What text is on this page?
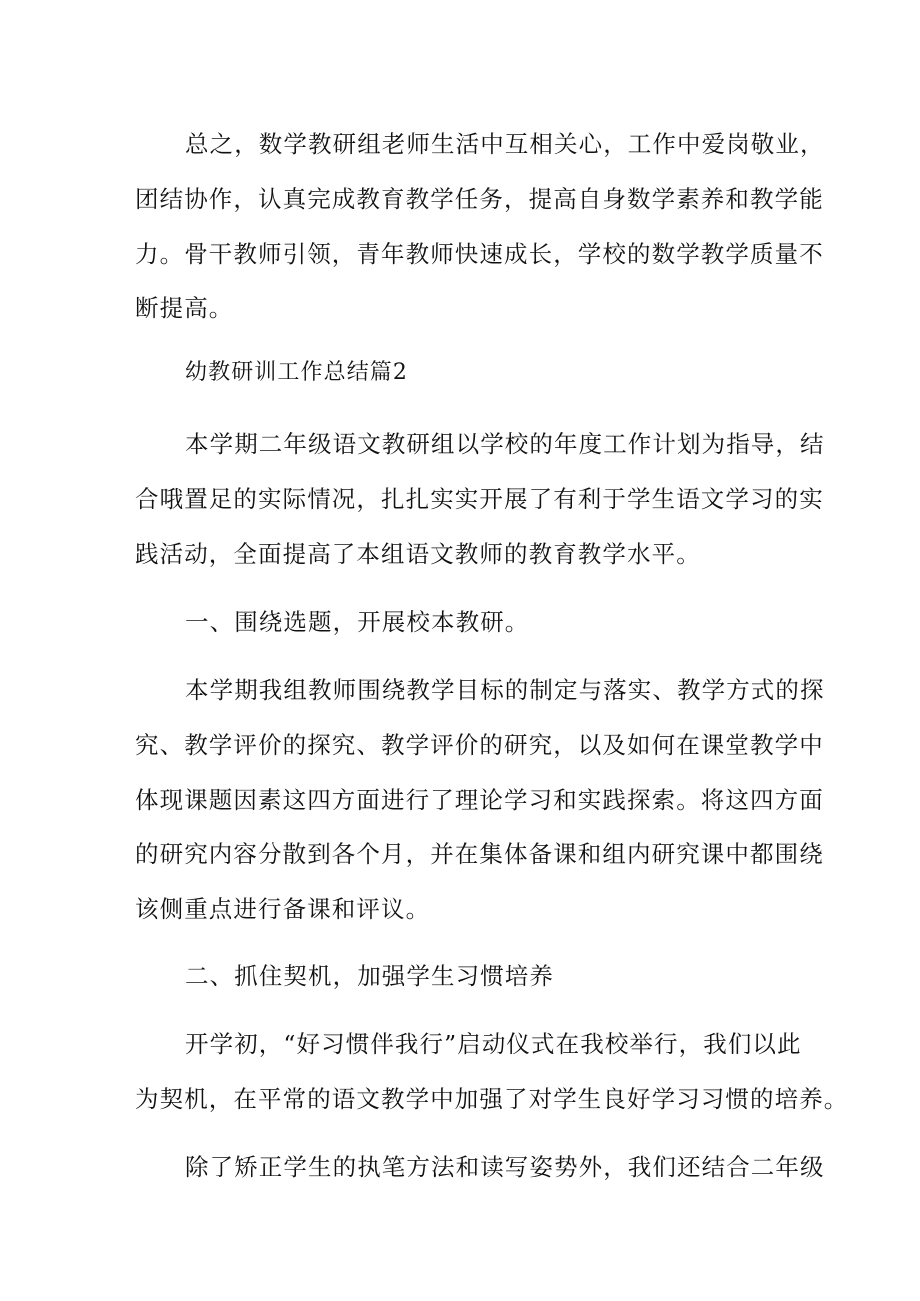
总之，数学教研组老师生活中互相关心，工作中爱岗敬业，
团结协作，认真完成教育教学任务，提高自身数学素养和教学能
力。骨干教师引领，青年教师快速成长，学校的数学教学质量不
断提高。
幼教研训工作总结篇2
本学期二年级语文教研组以学校的年度工作计划为指导，结
合哦置足的实际情况，扎扎实实开展了有利于学生语文学习的实
践活动，全面提高了本组语文教师的教育教学水平。
一、围绕选题，开展校本教研。
本学期我组教师围绕教学目标的制定与落实、教学方式的探
究、教学评价的探究、教学评价的研究，以及如何在课堂教学中
体现课题因素这四方面进行了理论学习和实践探索。将这四方面
的研究内容分散到各个月，并在集体备课和组内研究课中都围绕
该侧重点进行备课和评议。
二、抓住契机，加强学生习惯培养
开学初，“好习惯伴我行”启动仪式在我校举行，我们以此
为契机，在平常的语文教学中加强了对学生良好学习习惯的培养。
除了矫正学生的执笔方法和读写姿势外，我们还结合二年级
